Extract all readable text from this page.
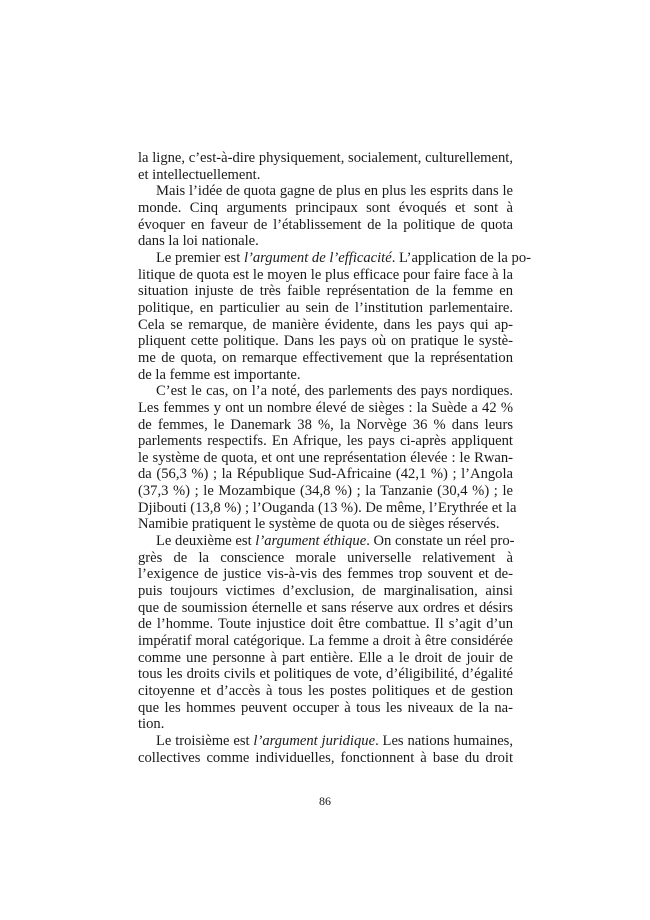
la ligne, c’est-à-dire physiquement, socialement, culturellement,
et intellectuellement.
Mais l’idée de quota gagne de plus en plus les esprits dans le
monde. Cinq arguments principaux sont évoqués et sont à
évoquer en faveur de l’établissement de la politique de quota
dans la loi nationale.
Le premier est l’argument de l’efficacité. L’application de la po-
litique de quota est le moyen le plus efficace pour faire face à la
situation injuste de très faible représentation de la femme en
politique, en particulier au sein de l’institution parlementaire.
Cela se remarque, de manière évidente, dans les pays qui ap-
pliquent cette politique. Dans les pays où on pratique le systè-
me de quota, on remarque effectivement que la représentation
de la femme est importante.
C’est le cas, on l’a noté, des parlements des pays nordiques.
Les femmes y ont un nombre élevé de sièges : la Suède a 42 %
de femmes, le Danemark 38 %, la Norvège 36 % dans leurs
parlements respectifs. En Afrique, les pays ci-après appliquent
le système de quota, et ont une représentation élevée : le Rwan-
da (56,3 %) ; la République Sud-Africaine (42,1 %) ; l’Angola
(37,3 %) ; le Mozambique (34,8 %) ; la Tanzanie (30,4 %) ; le
Djibouti (13,8 %) ; l’Ouganda (13 %). De même, l’Erythrée et la
Namibie pratiquent le système de quota ou de sièges réservés.
Le deuxième est l’argument éthique. On constate un réel pro-
grès de la conscience morale universelle relativement à
l’exigence de justice vis-à-vis des femmes trop souvent et de-
puis toujours victimes d’exclusion, de marginalisation, ainsi
que de soumission éternelle et sans réserve aux ordres et désirs
de l’homme. Toute injustice doit être combattue. Il s’agit d’un
impératif moral catégorique. La femme a droit à être considérée
comme une personne à part entière. Elle a le droit de jouir de
tous les droits civils et politiques de vote, d’éligibilité, d’égalité
citoyenne et d’accès à tous les postes politiques et de gestion
que les hommes peuvent occuper à tous les niveaux de la na-
tion.
Le troisième est l’argument juridique. Les nations humaines,
collectives comme individuelles, fonctionnent à base du droit
86
